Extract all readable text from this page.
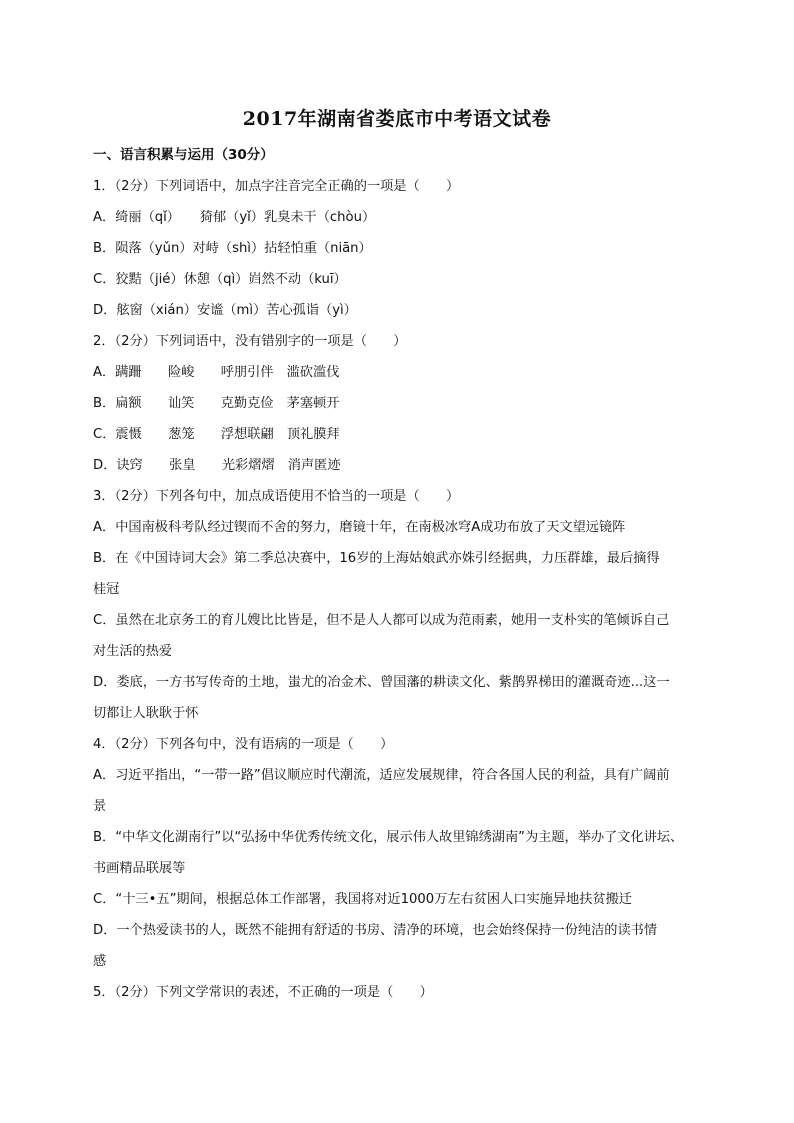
2017年湖南省娄底市中考语文试卷
一、语言积累与运用（30分）
1．（2分）下列词语中，加点字注音完全正确的一项是（　　）
A．绮丽（qǐ）　　猗郁（yǐ）乳臭未干（chòu）
B．陨落（yǔn）对峙（shì）拈轻怕重（niān）
C．狡黠（jié）休憩（qì）岿然不动（kuī）
D．舷窗（xián）安谧（mì）苦心孤诣（yì）
2．（2分）下列词语中，没有错别字的一项是（　　）
A．蹒跚　　险峻　　呼朋引伴　滥砍滥伐
B．扁额　　讪笑　　克勤克俭　茅塞顿开
C．震慑　　葱笼　　浮想联翩　顶礼膜拜
D．诀窍　　张皇　　光彩熠熠　消声匿迹
3．（2分）下列各句中，加点成语使用不恰当的一项是（　　）
A．中国南极科考队经过锲而不舍的努力，磨镜十年，在南极冰穹A成功布放了天文望远镜阵
B．在《中国诗词大会》第二季总决赛中，16岁的上海姑娘武亦姝引经据典，力压群雄，最后摘得
桂冠
C．虽然在北京务工的育儿嫂比比皆是，但不是人人都可以成为范雨素，她用一支朴实的笔倾诉自己
对生活的热爱
D．娄底，一方书写传奇的土地，蚩尤的冶金术、曾国藩的耕读文化、紫鹊界梯田的灌溉奇迹...这一
切都让人耿耿于怀
4．（2分）下列各句中，没有语病的一项是（　　）
A．习近平指出，“一带一路”倡议顺应时代潮流，适应发展规律，符合各国人民的利益，具有广阔前
景
B．“中华文化湖南行”以“弘扬中华优秀传统文化，展示伟人故里锦绣湖南”为主题，举办了文化讲坛、
书画精品联展等
C．“十三•五”期间，根据总体工作部署，我国将对近1000万左右贫困人口实施异地扶贫搬迁
D．一个热爱读书的人，既然不能拥有舒适的书房、清净的环境，也会始终保持一份纯洁的读书情
感
5．（2分）下列文学常识的表述，不正确的一项是（　　）
